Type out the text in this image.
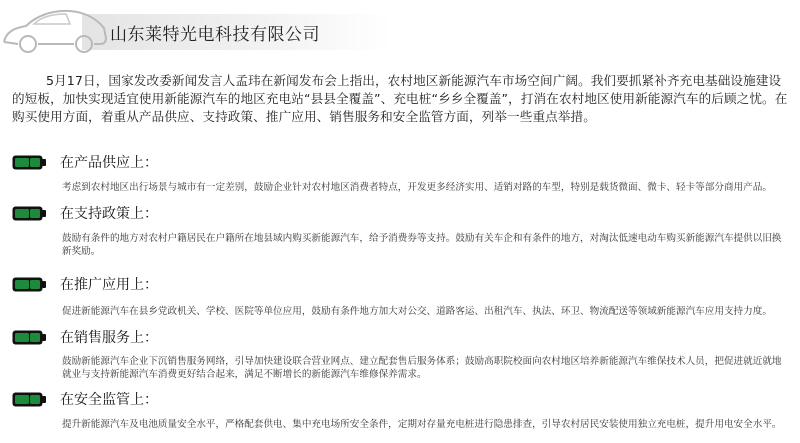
山东莱特光电科技有限公司

5月17日，国家发改委新闻发言人孟玮在新闻发布会上指出，农村地区新能源汽车市场空间广阔。我们要抓紧补齐充电基础设施建设的短板，加快实现适宜使用新能源汽车的地区充电站“县县全覆盖”、充电桩“乡乡全覆盖”，打消在农村地区使用新能源汽车的后顾之忧。在购买使用方面，着重从产品供应、支持政策、推广应用、销售服务和安全监管方面，列举一些重点举措。

在产品供应上：

考虑到农村地区出行场景与城市有一定差别，鼓励企业针对农村地区消费者特点，开发更多经济实用、适销对路的车型，特别是载货微面、微卡、轻卡等部分商用产品。

在支持政策上：

鼓励有条件的地方对农村户籍居民在户籍所在地县域内购买新能源汽车，给予消费券等支持。鼓励有关车企和有条件的地方，对淘汰低速电动车购买新能源汽车提供以旧换新奖励。

在推广应用上：

促进新能源汽车在县乡党政机关、学校、医院等单位应用，鼓励有条件地方加大对公交、道路客运、出租汽车、执法、环卫、物流配送等领域新能源汽车应用支持力度。

在销售服务上：

鼓励新能源汽车企业下沉销售服务网络，引导加快建设联合营业网点、建立配套售后服务体系；鼓励高职院校面向农村地区培养新能源汽车维保技术人员，把促进就近就地就业与支持新能源汽车消费更好结合起来，满足不断增长的新能源汽车维修保养需求。

在安全监管上：

提升新能源汽车及电池质量安全水平，严格配套供电、集中充电场所安全条件，定期对存量充电桩进行隐患排查，引导农村居民安装使用独立充电桩，提升用电安全水平。
